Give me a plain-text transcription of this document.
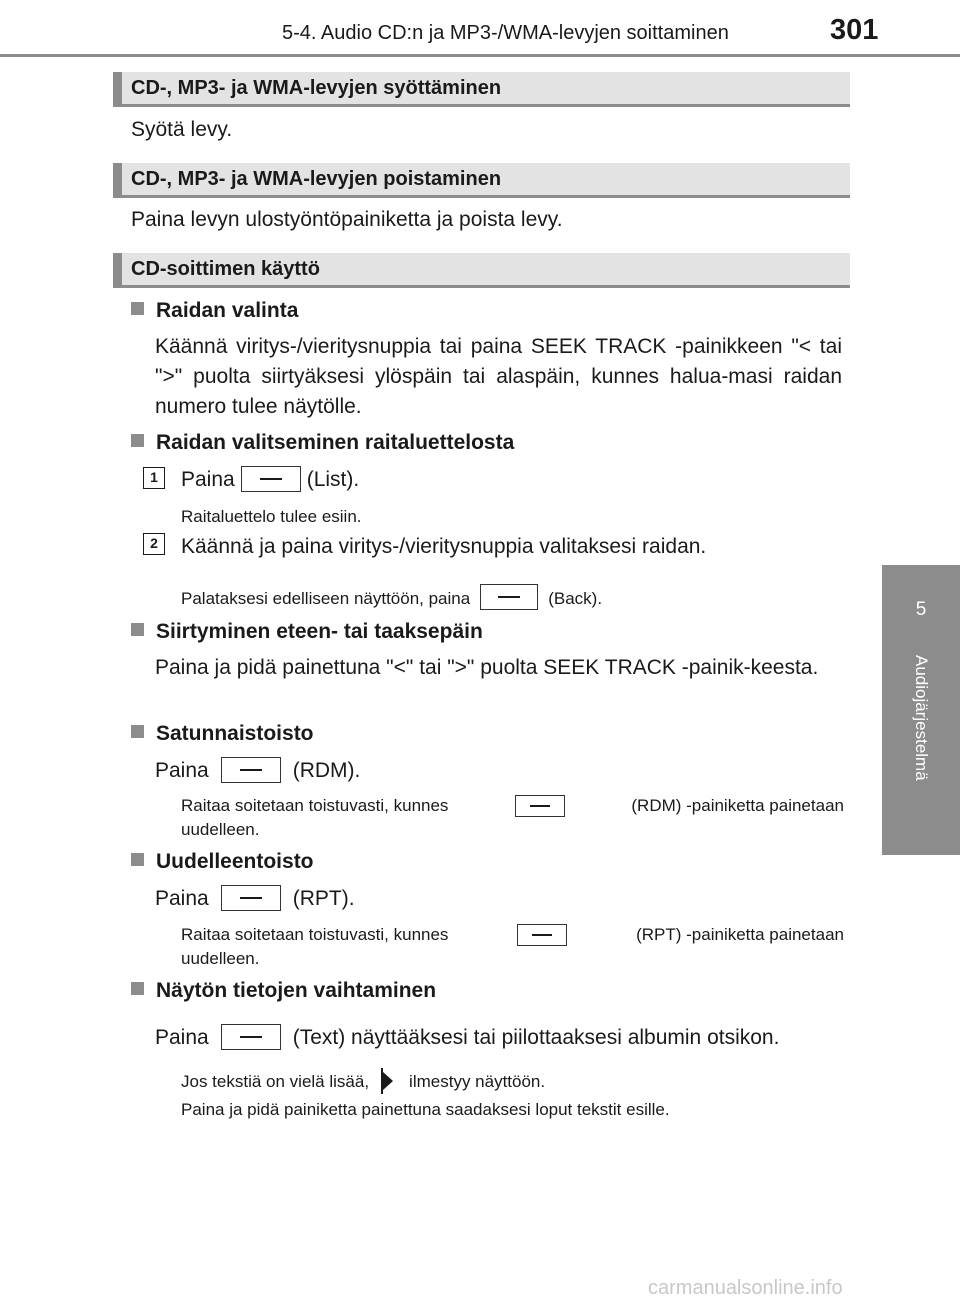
5-4. Audio CD:n ja MP3-/WMA-levyjen soittaminen	301
5
Audiojärjestelmä
CD-, MP3- ja WMA-levyjen syöttäminen
Syötä levy.
CD-, MP3- ja WMA-levyjen poistaminen
Paina levyn ulostyöntöpainiketta ja poista levy.
CD-soittimen käyttö
Raidan valinta
Käännä viritys-/vieritysnuppia tai paina SEEK TRACK -painikkeen "< tai ">" puolta siirtyäksesi ylöspäin tai alaspäin, kunnes halua-masi raidan numero tulee näytölle.
Raidan valitseminen raitaluettelosta
1	Paina	(List).
Raitaluettelo tulee esiin.
2	Käännä ja paina viritys-/vieritysnuppia valitaksesi raidan.
Palataksesi edelliseen näyttöön, paina	(Back).
Siirtyminen eteen- tai taaksepäin
Paina ja pidä painettuna "<" tai ">" puolta SEEK TRACK -painik-keesta.
Satunnaistoisto
Paina	(RDM).
Raitaa soitetaan toistuvasti, kunnes	(RDM) -painiketta painetaan
uudelleen.
Uudelleentoisto
Paina	(RPT).
Raitaa soitetaan toistuvasti, kunnes	(RPT) -painiketta painetaan
uudelleen.
Näytön tietojen vaihtaminen
Paina	(Text) näyttääksesi tai piilottaaksesi albumin otsikon.
Jos tekstiä on vielä lisää, ilmestyy näyttöön.
Paina ja pidä painiketta painettuna saadaksesi loput tekstit esille.
carmanualsonline.info
